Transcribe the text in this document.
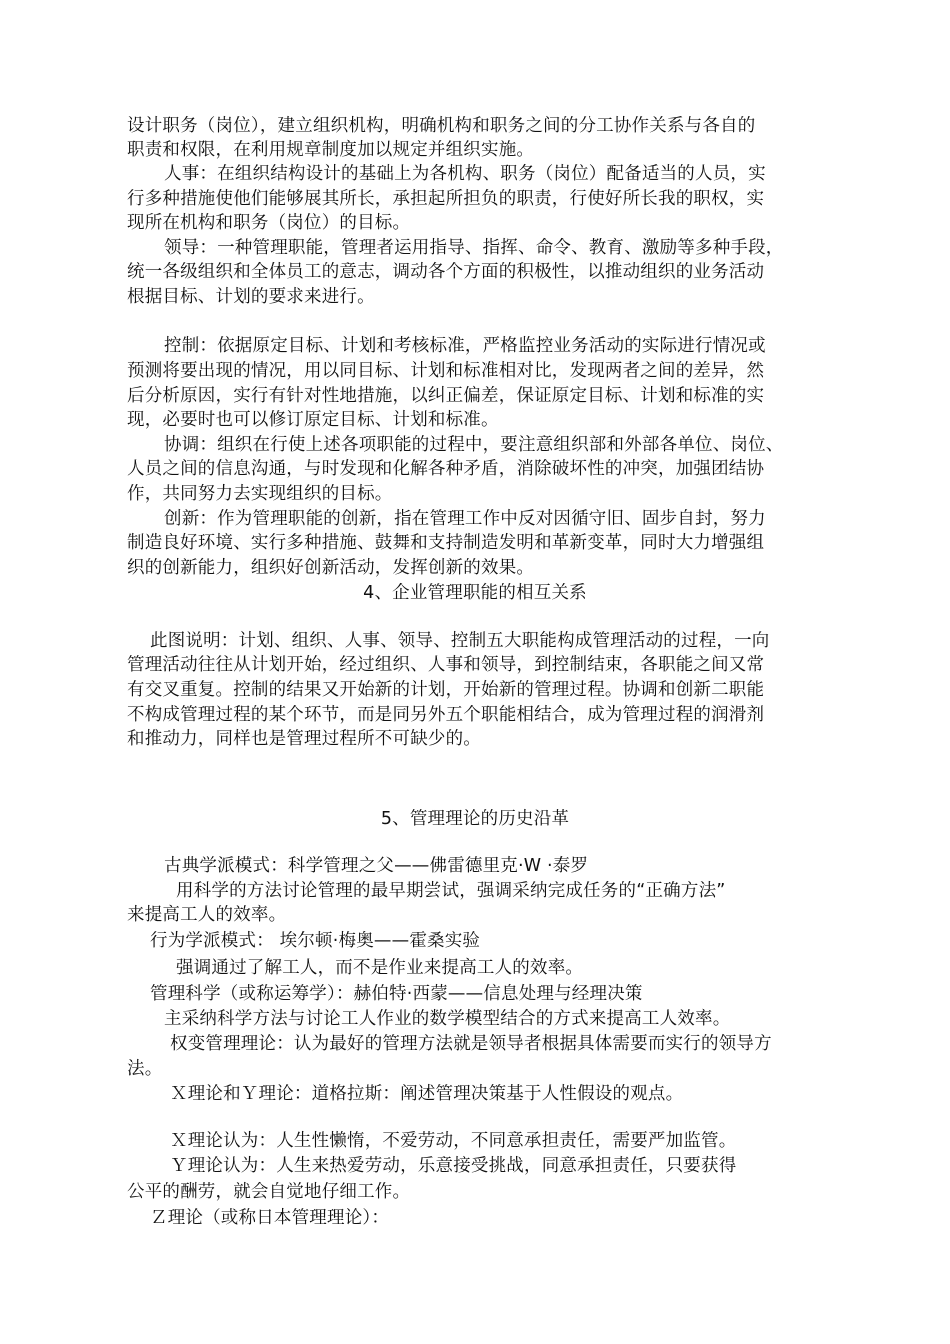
设计职务（岗位），建立组织机构，明确机构和职务之间的分工协作关系与各自的
职责和权限，在利用规章制度加以规定并组织实施。
人事：在组织结构设计的基础上为各机构、职务（岗位）配备适当的人员，实
行多种措施使他们能够展其所长，承担起所担负的职责，行使好所长我的职权，实
现所在机构和职务（岗位）的目标。
领导：一种管理职能，管理者运用指导、指挥、命令、教育、激励等多种手段，
统一各级组织和全体员工的意志，调动各个方面的积极性，以推动组织的业务活动
根据目标、计划的要求来进行。
控制：依据原定目标、计划和考核标准，严格监控业务活动的实际进行情况或
预测将要出现的情况，用以同目标、计划和标准相对比，发现两者之间的差异，然
后分析原因，实行有针对性地措施，以纠正偏差，保证原定目标、计划和标准的实
现，必要时也可以修订原定目标、计划和标准。
协调：组织在行使上述各项职能的过程中，要注意组织部和外部各单位、岗位、
人员之间的信息沟通，与时发现和化解各种矛盾，消除破坏性的冲突，加强团结协
作，共同努力去实现组织的目标。
创新：作为管理职能的创新，指在管理工作中反对因循守旧、固步自封，努力
制造良好环境、实行多种措施、鼓舞和支持制造发明和革新变革，同时大力增强组
织的创新能力，组织好创新活动，发挥创新的效果。
4、企业管理职能的相互关系
此图说明：计划、组织、人事、领导、控制五大职能构成管理活动的过程，一向
管理活动往往从计划开始，经过组织、人事和领导，到控制结束，各职能之间又常
有交叉重复。控制的结果又开始新的计划，开始新的管理过程。协调和创新二职能
不构成管理过程的某个环节，而是同另外五个职能相结合，成为管理过程的润滑剂
和推动力，同样也是管理过程所不可缺少的。
5、管理理论的历史沿革
古典学派模式：科学管理之父——佛雷德里克·W ·泰罗
用科学的方法讨论管理的最早期尝试，强调采纳完成任务的“正确方法”
来提高工人的效率。
行为学派模式： 埃尔顿·梅奥——霍桑实验
强调通过了解工人，而不是作业来提高工人的效率。
管理科学（或称运筹学）：赫伯特·西蒙——信息处理与经理决策
主采纳科学方法与讨论工人作业的数学模型结合的方式来提高工人效率。
权变管理理论：认为最好的管理方法就是领导者根据具体需要而实行的领导方
法。
Ｘ理论和Ｙ理论：道格拉斯：阐述管理决策基于人性假设的观点。
Ｘ理论认为：人生性懒惰，不爱劳动，不同意承担责任，需要严加监管。
Ｙ理论认为：人生来热爱劳动，乐意接受挑战，同意承担责任，只要获得
公平的酬劳，就会自觉地仔细工作。
Ｚ理论（或称日本管理理论）：
